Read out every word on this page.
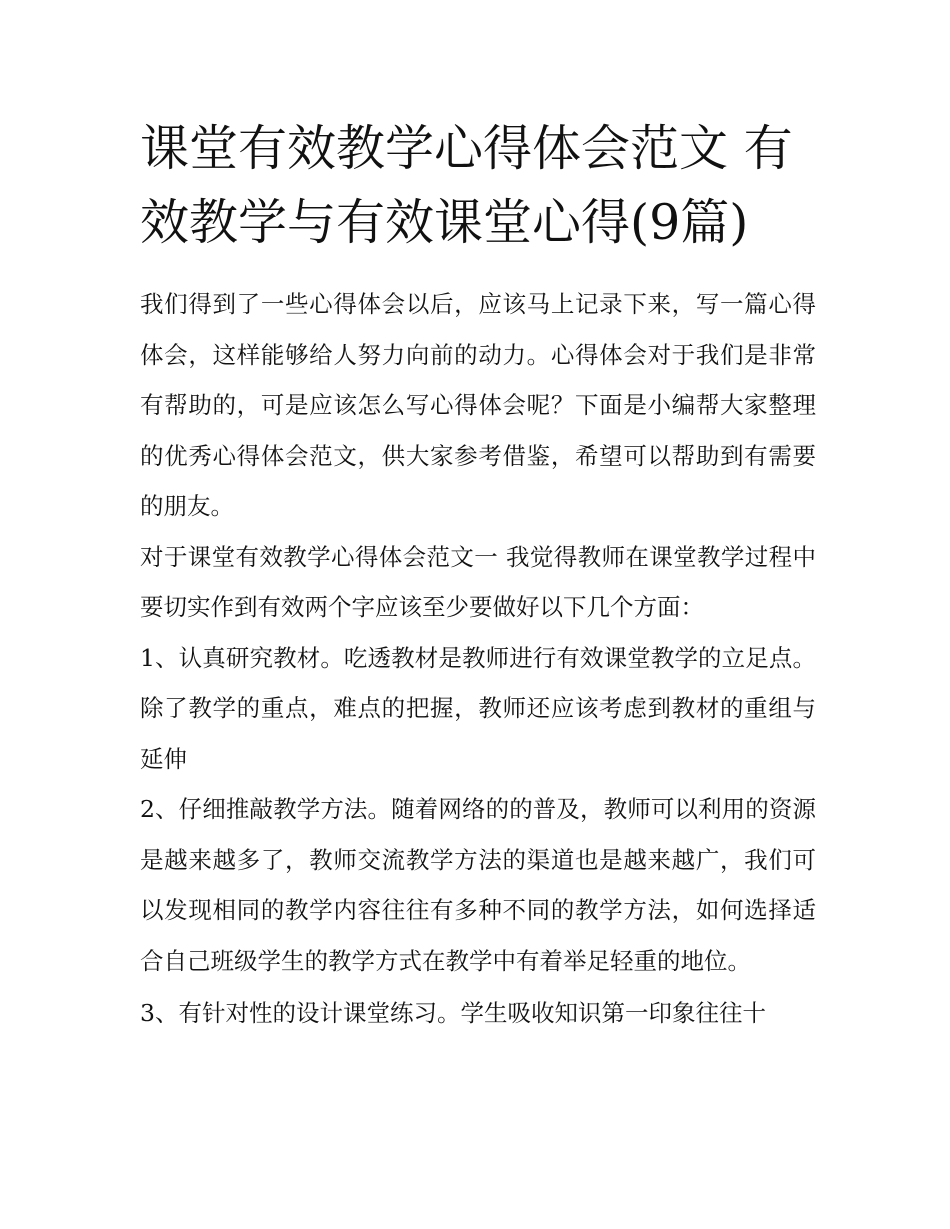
课堂有效教学心得体会范文 有效教学与有效课堂心得(9篇)

我们得到了一些心得体会以后，应该马上记录下来，写一篇心得体会，这样能够给人努力向前的动力。心得体会对于我们是非常有帮助的，可是应该怎么写心得体会呢？下面是小编帮大家整理的优秀心得体会范文，供大家参考借鉴，希望可以帮助到有需要的朋友。

对于课堂有效教学心得体会范文一 我觉得教师在课堂教学过程中要切实作到有效两个字应该至少要做好以下几个方面：

1、认真研究教材。吃透教材是教师进行有效课堂教学的立足点。除了教学的重点，难点的把握，教师还应该考虑到教材的重组与延伸

2、仔细推敲教学方法。随着网络的的普及，教师可以利用的资源是越来越多了，教师交流教学方法的渠道也是越来越广，我们可以发现相同的教学内容往往有多种不同的教学方法，如何选择适合自己班级学生的教学方式在教学中有着举足轻重的地位。

3、有针对性的设计课堂练习。学生吸收知识第一印象往往十
